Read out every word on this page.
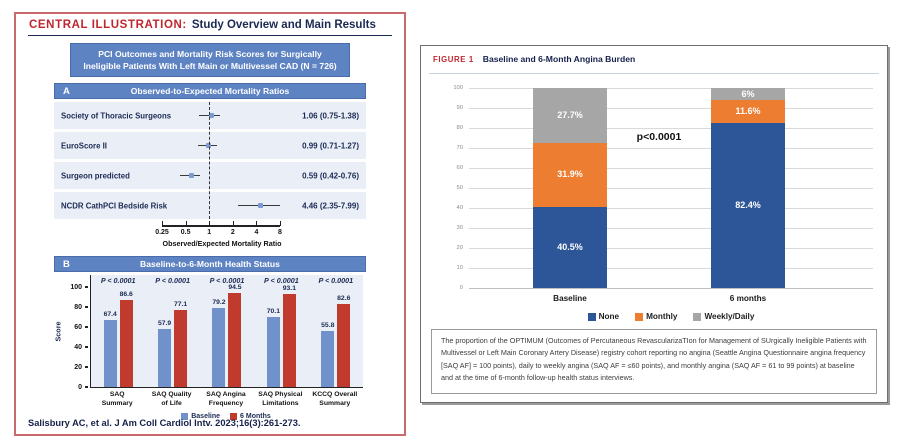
CENTRAL ILLUSTRATION: Study Overview and Main Results
PCI Outcomes and Mortality Risk Scores for Surgically Ineligible Patients With Left Main or Multivessel CAD (N = 726)
A	Observed-to-Expected Mortality Ratios
Society of Thoracic Surgeons	1.06 (0.75-1.38)
EuroScore II	0.99 (0.71-1.27)
Surgeon predicted	0.59 (0.42-0.76)
NCDR CathPCI Bedside Risk	4.46 (2.35-7.99)
Observed/Expected Mortality Ratio
0.25 0.5 1	2	4	8
B	Baseline-to-6-Month Health Status
Score
0
20
40
60
80
100
P < 0.0001
67.4
86.6
P < 0.0001
57.9
77.1
P < 0.0001
79.2
94.5
P < 0.0001
70.1
93.1
P < 0.0001
55.8
82.6
SAQ
Summary
SAQ Quality
of Life
SAQ Angina
Frequency
SAQ Physical
Limitations
KCCQ Overall
Summary
Baseline	6 Months
Salisbury AC, et al. J Am Coll Cardiol Intv. 2023;16(3):261-273.
FIGURE 1 Baseline and 6-Month Angina Burden
p<0.0001
None	Monthly	Weekly/Daily
0
10
20
30
40
50
60
70
80
90
100
40.5%
31.9%
27.7%
Baseline
82.4%
11.6%
6%
6 months
The proportion of the OPTIMUM (Outcomes of Percutaneous RevascularizaTIon for Management of SUrgically Ineligible Patients with Multivessel or Left Main Coronary Artery Disease) registry cohort reporting no angina (Seattle Angina Questionnaire angina frequency [SAQ AF] = 100 points), daily to weekly angina (SAQ AF = ≤60 points), and monthly angina (SAQ AF = 61 to 99 points) at baseline and at the time of 6-month follow-up health status interviews.
